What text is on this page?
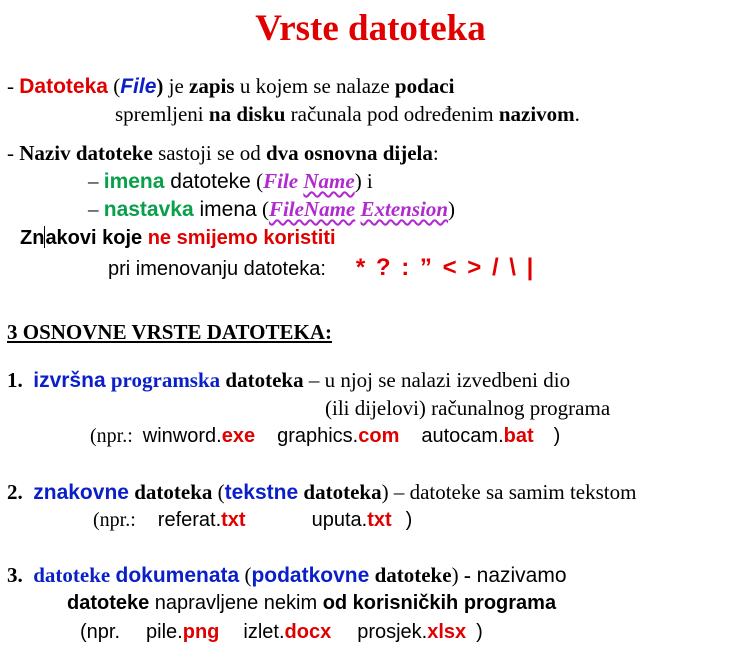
Vrste datoteka
- Datoteka (File) je zapis u kojem se nalaze podaci
spremljeni na disku računala pod određenim nazivom.
- Naziv datoteke sastoji se od dva osnovna dijela:
– imena datoteke (File Name) i
– nastavka imena (FileName Extension)
Znakovi koje ne smijemo koristiti
pri imenovanju datoteka: * ? : ” < > / \ |
3 OSNOVNE VRSTE DATOTEKA:
1. izvršna programska datoteka – u njoj se nalazi izvedbeni dio
(ili dijelovi) računalnog programa
(npr.: winword.exe graphics.com autocam.bat )
2. znakovne datoteka (tekstne datoteka) – datoteke sa samim tekstom
(npr.: referat.txt	uputa.txt )
3. datoteke dokumenata (podatkovne datoteke) - nazivamo
datoteke napravljene nekim od korisničkih programa
(npr. pile.png izlet.docx prosjek.xlsx )
